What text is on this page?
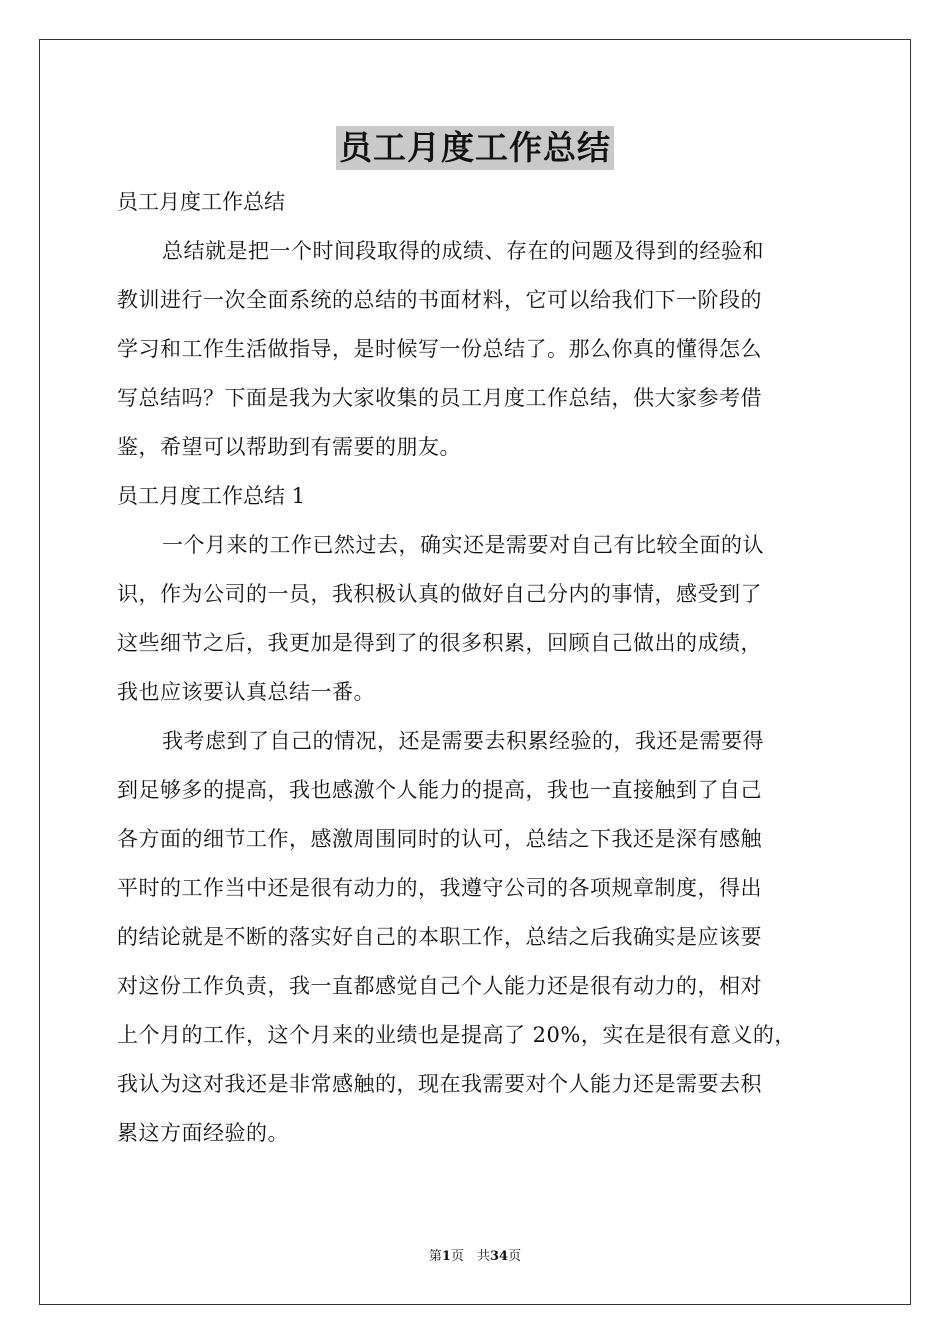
员工月度工作总结
员工月度工作总结
总结就是把一个时间段取得的成绩、存在的问题及得到的经验和
教训进行一次全面系统的总结的书面材料，它可以给我们下一阶段的
学习和工作生活做指导，是时候写一份总结了。那么你真的懂得怎么
写总结吗？下面是我为大家收集的员工月度工作总结，供大家参考借
鉴，希望可以帮助到有需要的朋友。
员工月度工作总结 1
一个月来的工作已然过去，确实还是需要对自己有比较全面的认
识，作为公司的一员，我积极认真的做好自己分内的事情，感受到了
这些细节之后，我更加是得到了的很多积累，回顾自己做出的成绩，
我也应该要认真总结一番。
我考虑到了自己的情况，还是需要去积累经验的，我还是需要得
到足够多的提高，我也感激个人能力的提高，我也一直接触到了自己
各方面的细节工作，感激周围同时的认可，总结之下我还是深有感触
平时的工作当中还是很有动力的，我遵守公司的各项规章制度，得出
的结论就是不断的落实好自己的本职工作，总结之后我确实是应该要
对这份工作负责，我一直都感觉自己个人能力还是很有动力的，相对
上个月的工作，这个月来的业绩也是提高了 20%，实在是很有意义的，
我认为这对我还是非常感触的，现在我需要对个人能力还是需要去积
累这方面经验的。
第1页　共34页
